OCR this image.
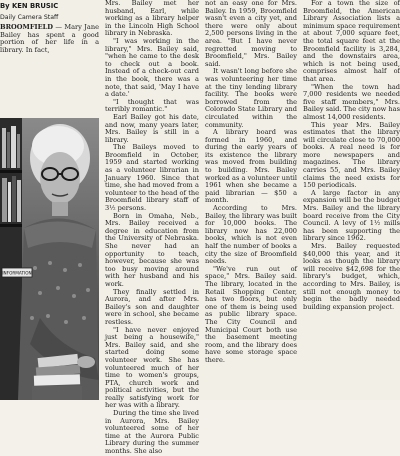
By KEN BRUSIC
Daily Camera Staff

BROOMFIELD — Mary Jane Bailey has spent a good portion of her life in a library. In fact,

INFORMATION

Mrs. Bailey met her husband, Earl, while working as a library helper in the Lincoln High School library in Nebraska.

"I was working in the library," Mrs. Bailey said, "when he came to the desk to check out a book. Instead of a check-out card in the book, there was a note, that said, 'May I have a date.'

"I thought that was terribly romantic."

Earl Bailey got his date, and now, many years later, Mrs. Bailey is still in a library.

The Baileys moved to Broomfield in October, 1959 and started working as a volunteer librarian in January 1960. Since that time, she had moved from a volunteer to the head of the Broomfield library staff of 3½ persons.

Born in Omaha, Neb., Mrs. Bailey received a degree in education from the University of Nebraska. She never had an opportunity to teach, however, because she was too busy moving around with her husband and his work.

They finally settled in Aurora, and after Mrs. Bailey's son and daughter were in school, she became restless.

"I have never enjoyed just being a housewife," Mrs. Bailey said, and she started doing some volunteer work. She has volunteered much of her time to women's groups, PTA, church work and political activities, but the really satisfying work for her was with a library.

During the time she lived in Aurora, Mrs. Bailey volunteered some of her time at the Aurora Public Library during the summer months. She also

not an easy one for Mrs. Bailey. In 1959, Broomfield wasn't even a city yet, and there were only about 2,500 persons living in the area. "But I have never regretted moving to Broomfield," Mrs. Bailey said.

It wasn't long before she was volunteering her time at the tiny lending library facility. The books were borrowed from the Colorado State Library and circulated within the community.

A library board was formed in 1960, and during the early years of its existence the library was moved from building to building. Mrs. Bailey worked as a volunteer until 1961 when she became a paid librarian — $50 a month.

According to Mrs. Bailey, the library was built for 10,000 books. The library now has 22,000 books, which is not even half the number of books a city the size of Broomfield needs.

"We've run out of space," Mrs. Bailey said. The library, located in the Retail Shopping Center, has two floors, but only one of them is being used as public library space. The City Council and Municipal Court both use the basement meeting room, and the library does have some storage space there.

For a town the size of Broomfield, the American Library Association lists a minimum space requirement at about 7,000 square feet, the total square feet at the Broomfield facility is 3,284, and the downstairs area, which is not being used, comprises almost half of that area.

"When the town had 7,000 residents we needed five staff members," Mrs. Bailey said. The city now has almost 14,000 residents.

This year Mrs. Bailey estimates that the library will circulate close to 70,000 books. A real need is for more newspapers and magazines. The library carries 55, and Mrs. Bailey claims the need exists for 150 periodicals.

A large factor in any expansion will be the budget Mrs. Bailey and the library board receive from the City Council. A levy of 1½ mills has been supporting the library since 1962.

Mrs. Bailey requested $40,000 this year, and it looks as though the library will receive $42,698 for the library's budget, which, according to Mrs. Bailey, is still not enough money to begin the badly needed building expansion project.
